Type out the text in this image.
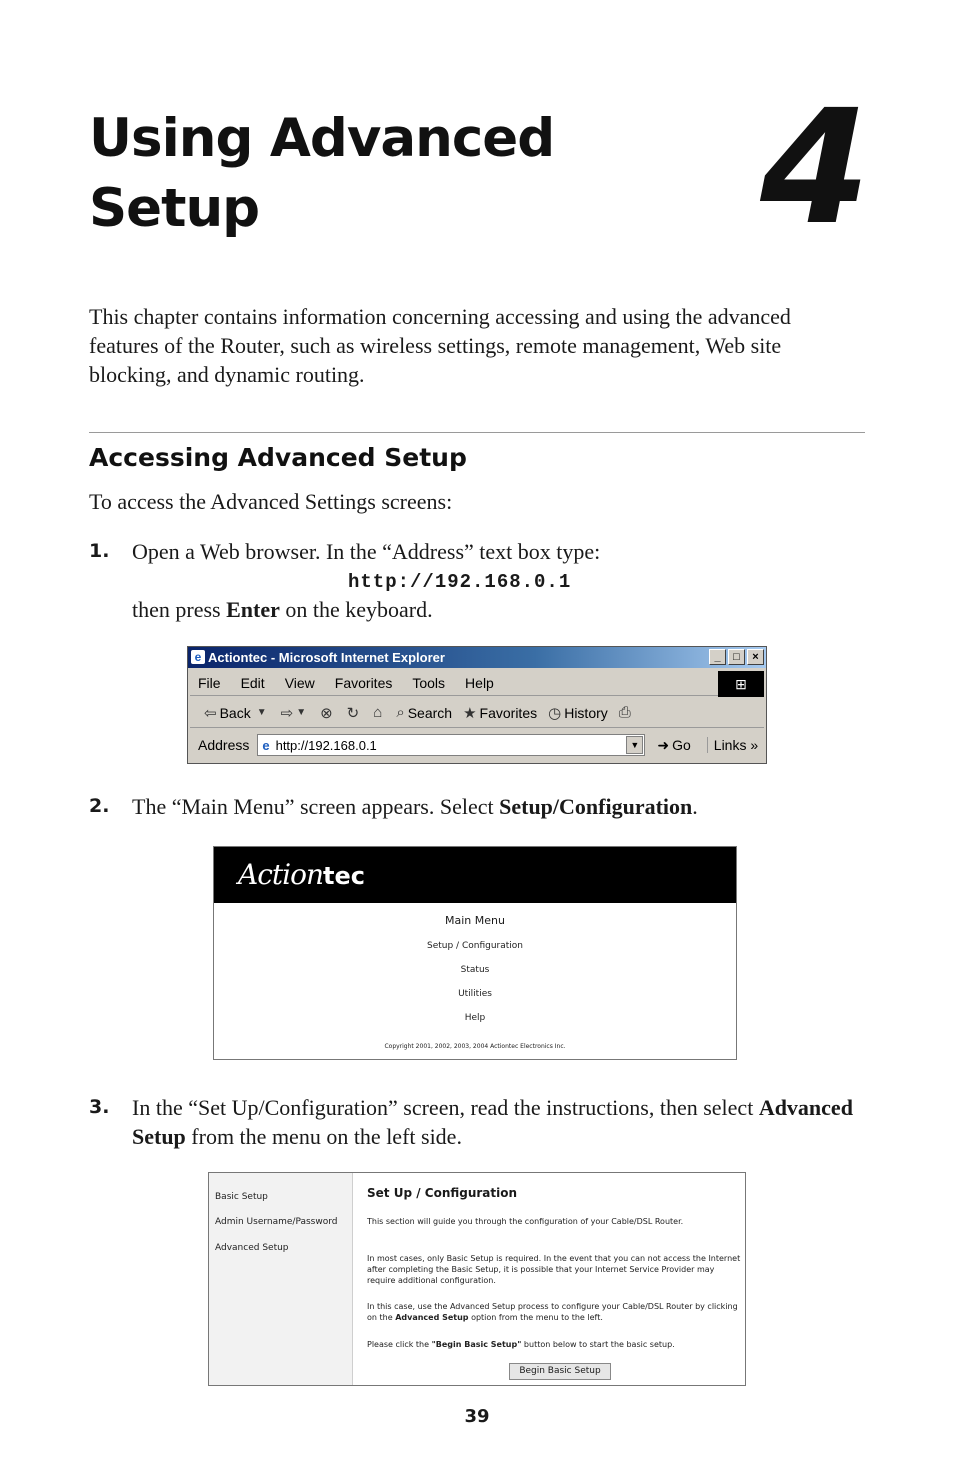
Using Advanced
Setup	4

This chapter contains information concerning accessing and using the advanced features of the Router, such as wireless settings, remote management, Web site blocking, and dynamic routing.

Accessing Advanced Setup

To access the Advanced Settings screens:

1. Open a Web browser. In the “Address” text box type:

http://192.168.0.1

then press Enter on the keyboard.

e Actiontec - Microsoft Internet Explorer	_	□	×
File Edit View Favorites Tools Help	⊞
⇦ Back ▼ ⇨ ▼ ⊗ ↻ ⌂ ⌕ Search ★ Favorites ◷ History ⎙
Address e http://192.168.0.1	▼ ➜ Go	Links »
2. The “Main Menu” screen appears. Select Setup/Configuration.

Actiontec
Main Menu
Setup / Configuration
Status
Utilities
Help
Copyright 2001, 2002, 2003, 2004 Actiontec Electronics Inc.
3. In the “Set Up/Configuration” screen, read the instructions, then select Advanced Setup from the menu on the left side.

Basic Setup
Admin Username/Password
Advanced Setup
Set Up / Configuration

This section will guide you through the configuration of your Cable/DSL Router.

In most cases, only Basic Setup is required. In the event that you can not access the Internet after completing the Basic Setup, it is possible that your Internet Service Provider may require additional configuration.

In this case, use the Advanced Setup process to configure your Cable/DSL Router by clicking on the Advanced Setup option from the menu to the left.

Please click the "Begin Basic Setup" button below to start the basic setup.

Begin Basic Setup
39
